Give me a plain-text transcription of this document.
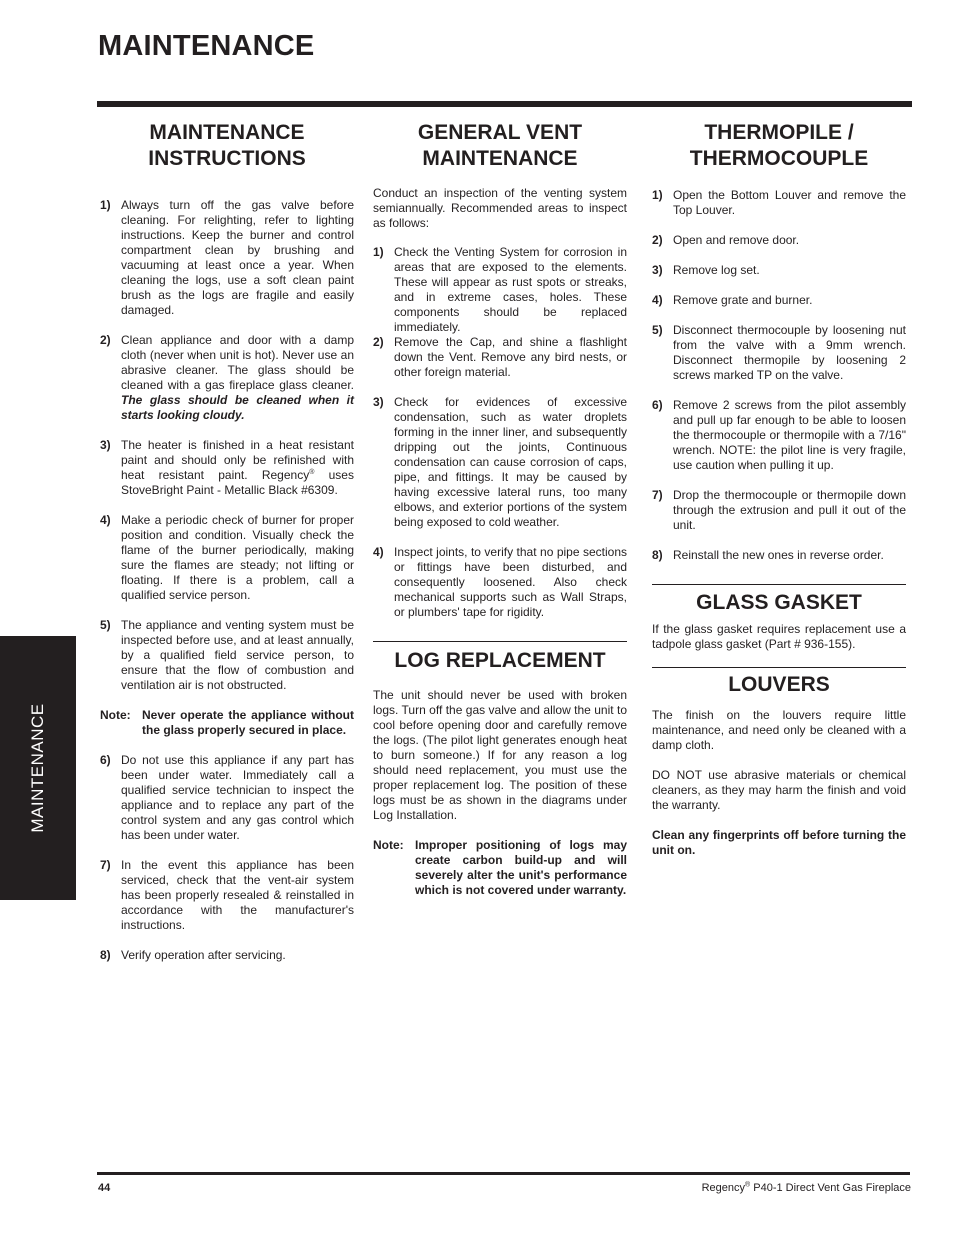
MAINTENANCE
MAINTENANCE
MAINTENANCE
INSTRUCTIONS
1) Always turn off the gas valve before cleaning. For relighting, refer to lighting instructions. Keep the burner and control compartment clean by brushing and vacuuming at least once a year. When cleaning the logs, use a soft clean paint brush as the logs are fragile and easily damaged.
2) Clean appliance and door with a damp cloth (never when unit is hot). Never use an abrasive cleaner. The glass should be cleaned with a gas fireplace glass cleaner. The glass should be cleaned when it starts looking cloudy.
3) The heater is finished in a heat resistant paint and should only be refinished with heat resistant paint. Regency® uses StoveBright Paint - Metallic Black #6309.
4) Make a periodic check of burner for proper position and condition. Visually check the flame of the burner periodically, making sure the flames are steady; not lifting or floating. If there is a problem, call a qualified service person.
5) The appliance and venting system must be inspected before use, and at least annually, by a qualified field service person, to ensure that the flow of combustion and ventilation air is not obstructed.
Note: Never operate the appliance without the glass properly secured in place.
6) Do not use this appliance if any part has been under water. Immediately call a qualified service technician to inspect the appliance and to replace any part of the control system and any gas control which has been under water.
7) In the event this appliance has been serviced, check that the vent-air system has been properly resealed & reinstalled in accordance with the manufacturer's instructions.
8) Verify operation after servicing.
GENERAL VENT
MAINTENANCE

Conduct an inspection of the venting system semiannually. Recommended areas to inspect as follows:

1) Check the Venting System for corrosion in areas that are exposed to the elements. These will appear as rust spots or streaks, and in extreme cases, holes. These components should be replaced immediately.
2) Remove the Cap, and shine a flashlight down the Vent. Remove any bird nests, or other foreign material.
3) Check for evidences of excessive condensation, such as water droplets forming in the inner liner, and subsequently dripping out the joints, Continuous condensation can cause corrosion of caps, pipe, and fittings. It may be caused by having excessive lateral runs, too many elbows, and exterior portions of the system being exposed to cold weather.
4) Inspect joints, to verify that no pipe sections or fittings have been disturbed, and consequently loosened. Also check mechanical supports such as Wall Straps, or plumbers' tape for rigidity.
LOG REPLACEMENT

The unit should never be used with broken logs. Turn off the gas valve and allow the unit to cool before opening door and carefully remove the logs. (The pilot light generates enough heat to burn someone.) If for any reason a log should need replacement, you must use the proper replacement log. The position of these logs must be as shown in the diagrams under Log Installation.

Note: Improper positioning of logs may create carbon build-up and will severely alter the unit's performance which is not covered under warranty.
THERMOPILE /
THERMOCOUPLE
1) Open the Bottom Louver and remove the Top Louver.
2) Open and remove door.
3) Remove log set.
4) Remove grate and burner.
5) Disconnect thermocouple by loosening nut from the valve with a 9mm wrench. Disconnect thermopile by loosening 2 screws marked TP on the valve.
6) Remove 2 screws from the pilot assembly and pull up far enough to be able to loosen the thermocouple or thermopile with a 7/16" wrench. NOTE: the pilot line is very fragile, use caution when pulling it up.
7) Drop the thermocouple or thermopile down through the extrusion and pull it out of the unit.
8) Reinstall the new ones in reverse order.
GLASS GASKET

If the glass gasket requires replacement use a tadpole glass gasket (Part # 936-155).

LOUVERS

The finish on the louvers require little maintenance, and need only be cleaned with a damp cloth.

DO NOT use abrasive materials or chemical cleaners, as they may harm the finish and void the warranty.

Clean any fingerprints off before turning the unit on.

44	Regency® P40-1 Direct Vent Gas Fireplace
